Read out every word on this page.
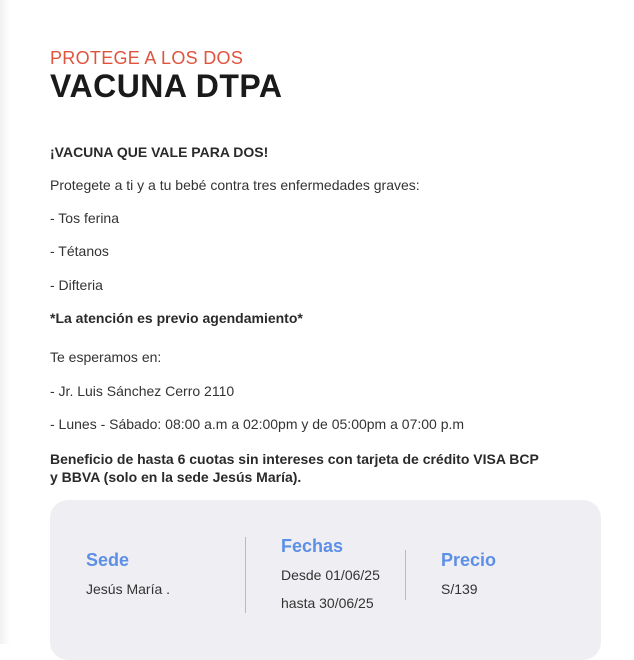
PROTEGE A LOS DOS
VACUNA DTPA
¡VACUNA QUE VALE PARA DOS!
Protegete a ti y a tu bebé contra tres enfermedades graves:
- Tos ferina
- Tétanos
- Difteria
*La atención es previo agendamiento*
Te esperamos en:
- Jr. Luis Sánchez Cerro 2110
- Lunes - Sábado: 08:00 a.m a 02:00pm y de 05:00pm a 07:00 p.m
Beneficio de hasta 6 cuotas sin intereses con tarjeta de crédito VISA BCP y BBVA (solo en la sede Jesús María).
Sede
Jesús María .
Fechas
Desde 01/06/25
hasta 30/06/25
Precio
S/139
